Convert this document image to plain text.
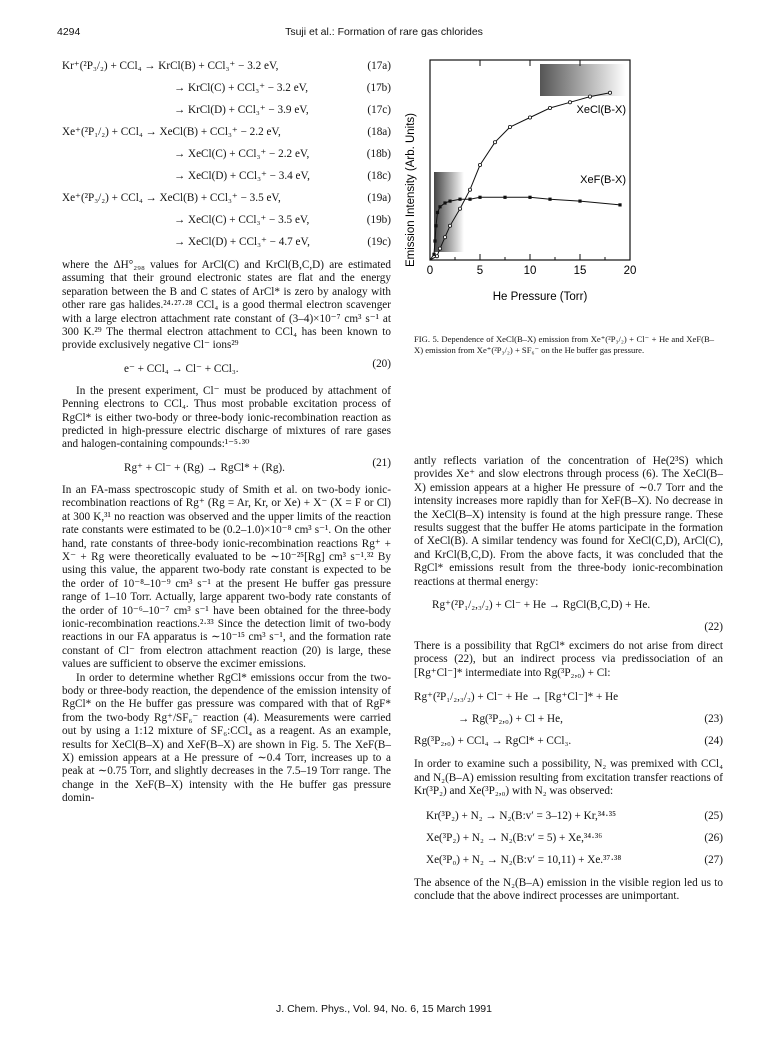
4294	Tsuji et al.: Formation of rare gas chlorides
Kr⁺(²P₃/₂) + CCl₄ → KrCl(B) + CCl₃⁺ − 3.2 eV,	(17a)
→ KrCl(C) + CCl₃⁺ − 3.2 eV,	(17b)
→ KrCl(D) + CCl₃⁺ − 3.9 eV,	(17c)
Xe⁺(²P₁/₂) + CCl₄ → XeCl(B) + CCl₃⁺ − 2.2 eV,	(18a)
→ XeCl(C) + CCl₃⁺ − 2.2 eV,	(18b)
→ XeCl(D) + CCl₃⁺ − 3.4 eV,	(18c)
Xe⁺(²P₃/₂) + CCl₄ → XeCl(B) + CCl₃⁺ − 3.5 eV,	(19a)
→ XeCl(C) + CCl₃⁺ − 3.5 eV,	(19b)
→ XeCl(D) + CCl₃⁺ − 4.7 eV,	(19c)

where the ΔH°₂₉₈ values for ArCl(C) and KrCl(B,C,D) are estimated assuming that their ground electronic states are flat and the energy separation between the B and C states of ArCl* is zero by analogy with other rare gas halides.²⁴·²⁷·²⁸ CCl₄ is a good thermal electron scavenger with a large electron attachment rate constant of (3–4)×10⁻⁷ cm³ s⁻¹ at 300 K.²⁹ The thermal electron attachment to CCl₄ has been known to provide exclusively negative Cl⁻ ions²⁹

e⁻ + CCl₄ → Cl⁻ + CCl₃.	(20)

In the present experiment, Cl⁻ must be produced by attachment of Penning electrons to CCl₄. Thus most probable excitation process of RgCl* is either two-body or three-body ionic-recombination reaction as predicted in high-pressure electric discharge of mixtures of rare gases and halogen-containing compounds:¹⁻⁵·³⁰

Rg⁺ + Cl⁻ + (Rg) → RgCl* + (Rg).	(21)

In an FA-mass spectroscopic study of Smith et al. on two-body ionic-recombination reactions of Rg⁺ (Rg = Ar, Kr, or Xe) + X⁻ (X = F or Cl) at 300 K,³¹ no reaction was observed and the upper limits of the reaction rate constants were estimated to be (0.2–1.0)×10⁻⁸ cm³ s⁻¹. On the other hand, rate constants of three-body ionic-recombination reactions Rg⁺ + X⁻ + Rg were theoretically evaluated to be ∼10⁻²⁵[Rg] cm³ s⁻¹.³² By using this value, the apparent two-body rate constant is expected to be the order of 10⁻⁸–10⁻⁹ cm³ s⁻¹ at the present He buffer gas pressure range of 1–10 Torr. Actually, large apparent two-body rate constants of the order of 10⁻⁶–10⁻⁷ cm³ s⁻¹ have been obtained for the three-body ionic-recombination reactions.²·³³ Since the detection limit of two-body reactions in our FA apparatus is ∼10⁻¹⁵ cm³ s⁻¹, and the formation rate constant of Cl⁻ from electron attachment reaction (20) is large, these values are sufficient to observe the excimer emissions.

In order to determine whether RgCl* emissions occur from the two-body or three-body reaction, the dependence of the emission intensity of RgCl* on the He buffer gas pressure was compared with that of RgF* from the two-body Rg⁺/SF₆⁻ reaction (4). Measurements were carried out by using a 1:12 mixture of SF₆:CCl₄ as a reagent. As an example, results for XeCl(B–X) and XeF(B–X) are shown in Fig. 5. The XeF(B–X) emission appears at a He pressure of ∼0.4 Torr, increases up to a peak at ∼0.75 Torr, and slightly decreases in the 7.5–19 Torr range. The change in the XeF(B–X) intensity with the He buffer gas pressure domin-

0	5	10	15	20
XeCl(B-X)
XeF(B-X)
Emission Intensity (Arb. Units)
He Pressure (Torr)
FIG. 5. Dependence of XeCl(B–X) emission from Xe⁺(²P₃/₂) + Cl⁻ + He and XeF(B–X) emission from Xe⁺(²P₃/₂) + SF₆⁻ on the He buffer gas pressure.

antly reflects variation of the concentration of He(2³S) which provides Xe⁺ and slow electrons through process (6). The XeCl(B–X) emission appears at a higher He pressure of ∼0.7 Torr and the intensity increases more rapidly than for XeF(B–X). No decrease in the XeCl(B–X) intensity is found at the high pressure range. These results suggest that the buffer He atoms participate in the formation of XeCl(B). A similar tendency was found for XeCl(C,D), ArCl(C), and KrCl(B,C,D). From the above facts, it was concluded that the RgCl* emissions result from the three-body ionic-recombination reactions at thermal energy:

Rg⁺(²P₁/₂,₃/₂) + Cl⁻ + He → RgCl(B,C,D) + He.
(22)

There is a possibility that RgCl* excimers do not arise from direct process (22), but an indirect process via predissociation of an [Rg⁺Cl⁻]* intermediate into Rg(³P₂,₀) + Cl:

Rg⁺(²P₁/₂,₃/₂) + Cl⁻ + He → [Rg⁺Cl⁻]* + He
→ Rg(³P₂,₀) + Cl + He,	(23)
Rg(³P₂,₀) + CCl₄ → RgCl* + CCl₃.	(24)

In order to examine such a possibility, N₂ was premixed with CCl₄ and N₂(B–A) emission resulting from excitation transfer reactions of Kr(³P₂) and Xe(³P₂,₀) with N₂ was observed:

Kr(³P₂) + N₂ → N₂(B:v′ = 3–12) + Kr,³⁴·³⁵	(25)
Xe(³P₂) + N₂ → N₂(B:v′ = 5) + Xe,³⁴·³⁶	(26)
Xe(³P₀) + N₂ → N₂(B:v′ = 10,11) + Xe.³⁷·³⁸	(27)

The absence of the N₂(B–A) emission in the visible region led us to conclude that the above indirect processes are unimportant.

J. Chem. Phys., Vol. 94, No. 6, 15 March 1991
